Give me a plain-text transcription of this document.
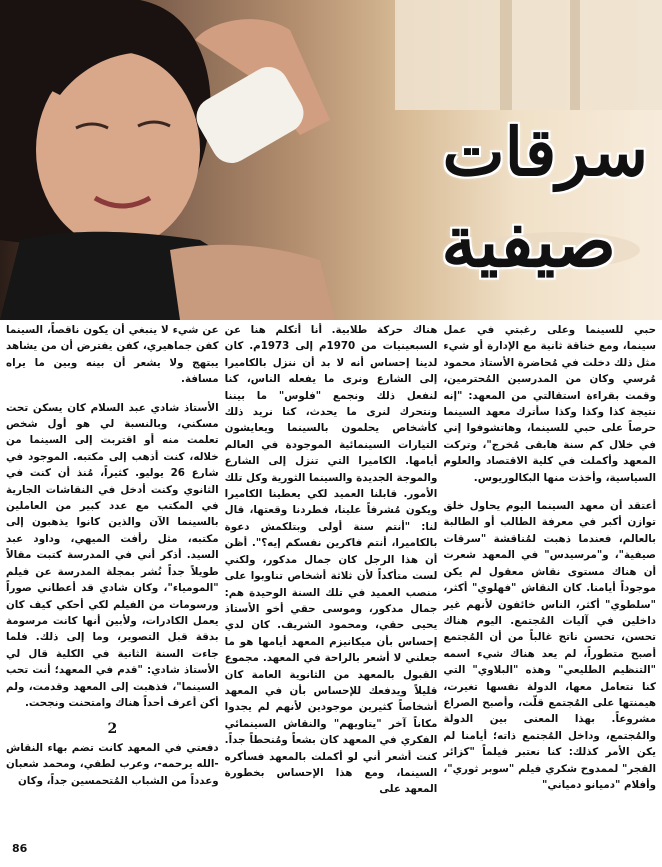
سرقات
صيفية

عن شيء لا ينبغي أن يكون ناقصاً، السينما كفن جماهيري، كفن يفترض أن من يشاهد يبتهج ولا يشعر أن بينه وبين ما يراه مسافة.

الأستاذ شادي عبد السلام كان يسكن تحت مسكني، وبالنسبة لي هو أول شخص تعلمت منه أو اقتربت إلى السينما من خلاله، كنت أذهب إلى مكتبه. الموجود في شارع 26 يوليو. كثيراً، مُنذ أن كنت في الثانوي وكنت أدخل في النقاشات الجارية في المكتب مع عدد كبير من العاملين بالسينما الآن والذين كانوا يذهبون إلى مكتبه، مثل رأفت الميهي، وداود عبد السيد. أذكر أني في المدرسة كتبت مقالاً طويلاً جداً نُشر بمجلة المدرسة عن فيلم "المومياء"، وكان شادي قد أعطاني صوراً ورسومات من الفيلم لكي أحكي كيف كان يعمل الكادرات، ولأبين أنها كانت مرسومة بدقة قبل التصوير، وما إلى ذلك. فلما جاءت السنة الثانية في الكلية قال لي الأستاذ شادي: "قدم في المعهد؛ أنت تحب السينما"، فذهبت إلى المعهد وقدمت، ولم أكن أعرف أحداً هناك وامتحنت ونجحت.

2

دفعتي في المعهد كانت تضم بهاء النقاش -الله يرحمه-، وعرب لطفي، ومحمد شعبان وعدداً من الشباب المُتحمسين جداً، وكان

هناك حركة طلابية. أنا أتكلم هنا عن السبعينيات من 1970م إلى 1973م. كان لدينا إحساس أنه لا بد أن ننزل بالكاميرا إلى الشارع ونرى ما يفعله الناس، كنا لنفعل ذلك ونجمع "فلوس" ما بيننا ونتحرك لنرى ما يحدث، كنا نريد ذلك كأشخاص يحلمون بالسينما ويعايشون التيارات السينمائية الموجودة في العالم أيامها. الكاميرا التي تنزل إلى الشارع والموجة الجديدة والسينما الثورية وكل تلك الأمور. قابلنا العميد لكي يعطينا الكاميرا ويكون مُشرفاً علينا، فطردنا وقعتها، قال لنا: "أنتم سنة أولى وبتلكمش دعوة بالكاميرا، أنتم فاكرين نفسكم إيه؟". أظن أن هذا الرجل كان جمال مدكور، ولكني لست متأكداً لأن ثلاثة أشخاص تناوبوا على منصب العميد في تلك السنة الوحيدة هم: جمال مدكور، وموسى حقي أخو الأستاذ يحيى حقي، ومحمود الشريف. كان لدي إحساس بأن ميكانيزم المعهد أيامها هو ما جعلني لا أشعر بالراحة في المعهد. مجموع القبول بالمعهد من الثانوية العامة كان قليلاً ويدفعك للإحساس بأن في المعهد أشخاصاً كثيرين موجودين لأنهم لم يجدوا مكاناً آخر "يتاويهم" والنقاش السينمائي الفكري في المعهد كان بشعاً ومُنحطاً جداً. كنت أشعر أني لو أكملت بالمعهد فسأكره السينما، ومع هذا الإحساس بخطورة المعهد على

حبي للسينما وعلى رغبتي في عمل سينما، ومع خناقة ثانية مع الإدارة أو شيء مثل ذلك دخلت في مُحاضرة الأستاذ محمود مُرسي وكان من المدرسين المُحترمين، وقمت بقراءة استقالتي من المعهد: "إنه نتيجة كذا وكذا وكذا سأترك معهد السينما حرصاً على حبي للسينما، وهاتشوفوا إني في خلال كم سنة هابقى مُخرج"، وتركت المعهد وأكملت في كلية الاقتصاد والعلوم السياسية، وأخذت منها البكالوريوس.

أعتقد أن معهد السينما اليوم يحاول خلق توازن أكبر في معرفة الطالب أو الطالبة بالعالم، فعندما ذهبت لمُناقشة "سرقات صيفية"، و"مرسيدس" في المعهد شعرت أن هناك مستوى نقاش معقول لم يكن موجوداً أيامنا. كان النقاش "فهلوي" أكثر، "سلطوي" أكثر، الناس خائفون لأنهم غير داخلين في آليات المُجتمع. اليوم هناك تحسن، تحسن ناتج غالباً من أن المُجتمع أصبح متطوراً، لم يعد هناك شيء اسمه "التنظيم الطليعي" وهذه "البلاوي" التي كنا نتعامل معها، الدولة نفسها تغيرت، هيمنتها على المُجتمع قلّت، وأصبح الصراع مشروعاً. بهذا المعنى بين الدولة والمُجتمع، وداخل المُجتمع ذاته؛ أيامنا لم يكن الأمر كذلك: كنا نعتبر فيلماً "كزائر الفجر" لممدوح شكري فيلم "سوبر ثوري"، وأفلام "دميانو دمياني"

86
